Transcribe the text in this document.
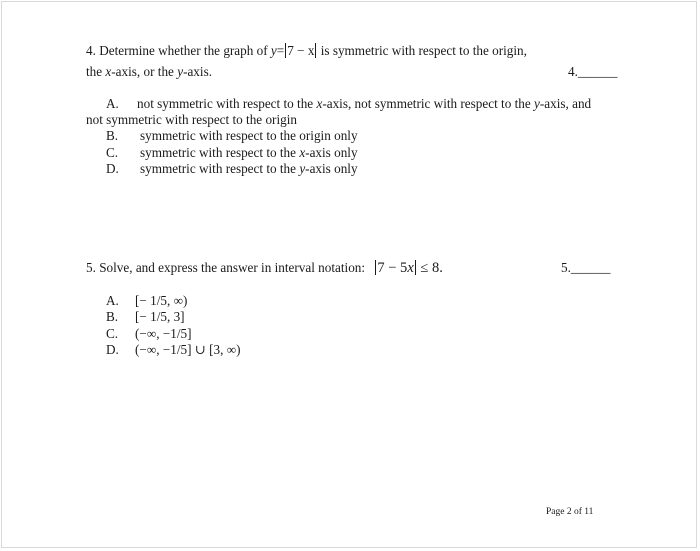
4. Determine whether the graph of y= 7 − x is symmetric with respect to the origin,
the x-axis, or the y-axis.	4.______
A. not symmetric with respect to the x-axis, not symmetric with respect to the y-axis, and
not symmetric with respect to the origin
B. symmetric with respect to the origin only
C. symmetric with respect to the x-axis only
D. symmetric with respect to the y-axis only
5. Solve, and express the answer in interval notation: 7 − 5x ≤ 8.	5.______
A. [− 1/5, ∞)
B. [− 1/5, 3]
C. (−∞, −1/5]
D. (−∞, −1/5] ∪ [3, ∞)
Page 2 of 11
